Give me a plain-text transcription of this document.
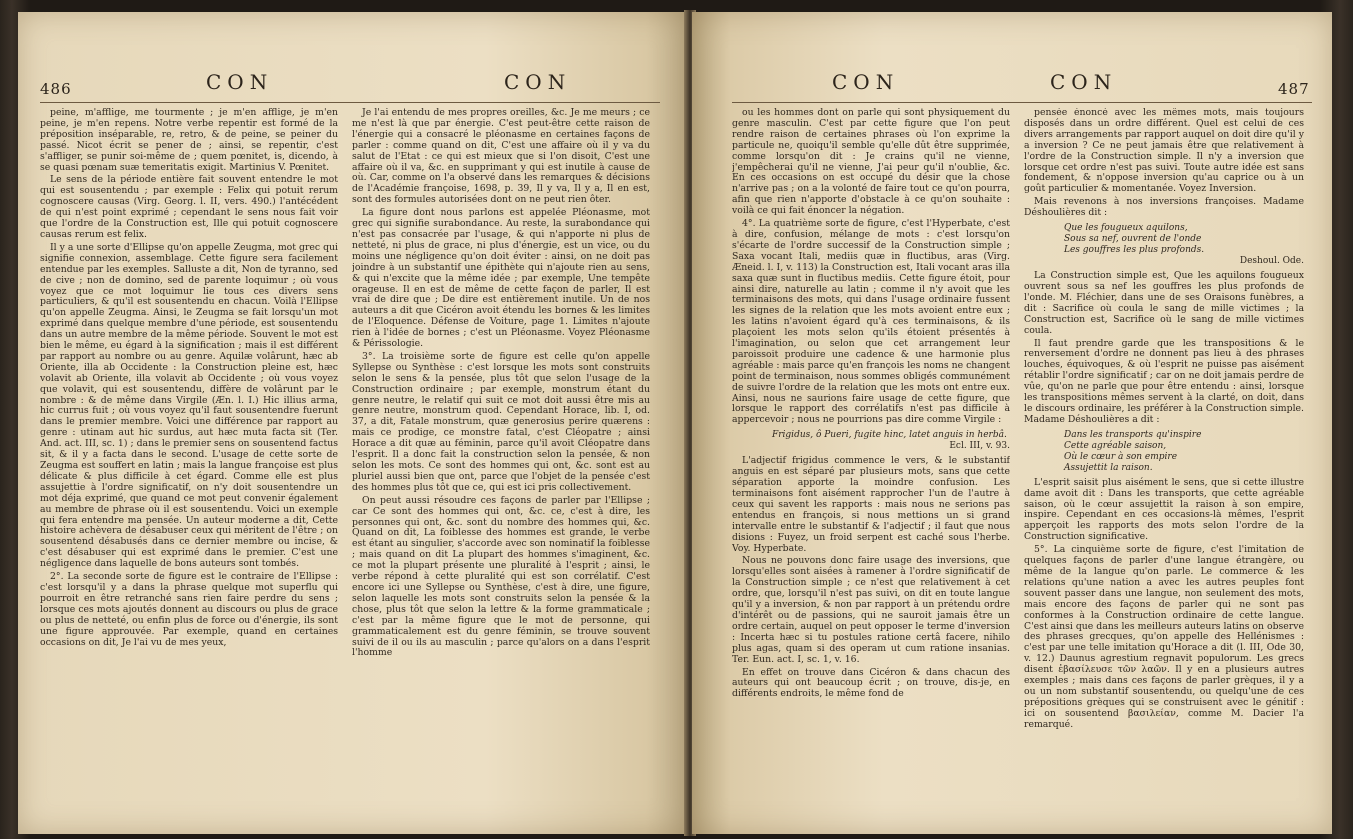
486	CON	CON

peine, m'afflige, me tourmente ; je m'en afflige, je m'en peine, je m'en repens. Notre verbe repentir est formé de la préposition inséparable, re, retro, & de peine, se peiner du passé. Nicot écrit se pener de ; ainsi, se repentir, c'est s'affliger, se punir soi-même de ; quem pœnitet, is, dicendo, à se quasi pœnam suæ temeritatis exigit. Martinius V. Pœnitet.

Le sens de la période entière fait souvent entendre le mot qui est sousentendu ; par exemple : Felix qui potuit rerum cognoscere causas (Virg. Georg. l. II, vers. 490.) l'antécédent de qui n'est point exprimé ; cependant le sens nous fait voir que l'ordre de la Construction est, Ille qui potuit cognoscere causas rerum est felix.

Il y a une sorte d'Ellipse qu'on appelle Zeugma, mot grec qui signifie connexion, assemblage. Cette figure sera facilement entendue par les exemples. Salluste a dit, Non de tyranno, sed de cive ; non de domino, sed de parente loquimur ; où vous voyez que ce mot loquimur lie tous ces divers sens particuliers, & qu'il est sousentendu en chacun. Voilà l'Ellipse qu'on appelle Zeugma. Ainsi, le Zeugma se fait lorsqu'un mot exprimé dans quelque membre d'une période, est sousentendu dans un autre membre de la même période. Souvent le mot est bien le même, eu égard à la signification ; mais il est différent par rapport au nombre ou au genre. Aquilæ volârunt, hæc ab Oriente, illa ab Occidente : la Construction pleine est, hæc volavit ab Oriente, illa volavit ab Occidente ; où vous voyez que volavit, qui est sousentendu, diffère de volârunt par le nombre : & de même dans Virgile (Æn. l. I.) Hic illius arma, hic currus fuit ; où vous voyez qu'il faut sousentendre fuerunt dans le premier membre. Voici une différence par rapport au genre : utinam aut hic surdus, aut hæc muta facta sit (Ter. And. act. III, sc. 1) ; dans le premier sens on sousentend factus sit, & il y a facta dans le second. L'usage de cette sorte de Zeugma est souffert en latin ; mais la langue françoise est plus délicate & plus difficile à cet égard. Comme elle est plus assujettie à l'ordre significatif, on n'y doit sousentendre un mot déja exprimé, que quand ce mot peut convenir également au membre de phrase où il est sousentendu. Voici un exemple qui fera entendre ma pensée. Un auteur moderne a dit, Cette histoire achèvera de désabuser ceux qui méritent de l'être ; on sousentend désabusés dans ce dernier membre ou incise, & c'est désabuser qui est exprimé dans le premier. C'est une négligence dans laquelle de bons auteurs sont tombés.

2°. La seconde sorte de figure est le contraire de l'Ellipse : c'est lorsqu'il y a dans la phrase quelque mot superflu qui pourroit en être retranché sans rien faire perdre du sens ; lorsque ces mots ajoutés donnent au discours ou plus de grace ou plus de netteté, ou enfin plus de force ou d'énergie, ils sont une figure approuvée. Par exemple, quand en certaines occasions on dit, Je l'ai vu de mes yeux,

Je l'ai entendu de mes propres oreilles, &c. Je me meurs ; ce me n'est là que par énergie. C'est peut-être cette raison de l'énergie qui a consacré le pléonasme en certaines façons de parler : comme quand on dit, C'est une affaire où il y va du salut de l'Etat : ce qui est mieux que si l'on disoit, C'est une affaire où il va, &c. en supprimant y qui est inutile à cause de où. Car, comme on l'a observé dans les remarques & décisions de l'Académie françoise, 1698, p. 39, Il y va, Il y a, Il en est, sont des formules autorisées dont on ne peut rien ôter.

La figure dont nous parlons est appelée Pléonasme, mot grec qui signifie surabondance. Au reste, la surabondance qui n'est pas consacrée par l'usage, & qui n'apporte ni plus de netteté, ni plus de grace, ni plus d'énergie, est un vice, ou du moins une négligence qu'on doit éviter : ainsi, on ne doit pas joindre à un substantif une épithète qui n'ajoute rien au sens, & qui n'excite que la même idée ; par exemple, Une tempête orageuse. Il en est de même de cette façon de parler, Il est vrai de dire que ; De dire est entièrement inutile. Un de nos auteurs a dit que Cicéron avoit étendu les bornes & les limites de l'Eloquence. Défense de Voiture, page 1. Limites n'ajoute rien à l'idée de bornes ; c'est un Pléonasme. Voyez Pléonasme & Périssologie.

3°. La troisième sorte de figure est celle qu'on appelle Syllepse ou Synthèse : c'est lorsque les mots sont construits selon le sens & la pensée, plus tôt que selon l'usage de la Construction ordinaire ; par exemple, monstrum étant du genre neutre, le relatif qui suit ce mot doit aussi être mis au genre neutre, monstrum quod. Cependant Horace, lib. I, od. 37, a dit, Fatale monstrum, quæ generosius perire quærens : mais ce prodige, ce monstre fatal, c'est Cléopatre ; ainsi Horace a dit quæ au féminin, parce qu'il avoit Cléopatre dans l'esprit. Il a donc fait la construction selon la pensée, & non selon les mots. Ce sont des hommes qui ont, &c. sont est au pluriel aussi bien que ont, parce que l'objet de la pensée c'est des hommes plus tôt que ce, qui est ici pris collectivement.

On peut aussi résoudre ces façons de parler par l'Ellipse ; car Ce sont des hommes qui ont, &c. ce, c'est à dire, les personnes qui ont, &c. sont du nombre des hommes qui, &c. Quand on dit, La foiblesse des hommes est grande, le verbe est étant au singulier, s'accorde avec son nominatif la foiblesse ; mais quand on dit La plupart des hommes s'imaginent, &c. ce mot la plupart présente une pluralité à l'esprit ; ainsi, le verbe répond à cette pluralité qui est son corrélatif. C'est encore ici une Syllepse ou Synthèse, c'est à dire, une figure, selon laquelle les mots sont construits selon la pensée & la chose, plus tôt que selon la lettre & la forme grammaticale ; c'est par la même figure que le mot de personne, qui grammaticalement est du genre féminin, se trouve souvent suivi de il ou ils au masculin ; parce qu'alors on a dans l'esprit l'homme

CON	CON	487

ou les hommes dont on parle qui sont physiquement du genre masculin. C'est par cette figure que l'on peut rendre raison de certaines phrases où l'on exprime la particule ne, quoiqu'il semble qu'elle dût être supprimée, comme lorsqu'on dit : Je crains qu'il ne vienne, j'empêcherai qu'il ne vienne, J'ai peur qu'il n'oublie, &c. En ces occasions on est occupé du désir que la chose n'arrive pas ; on a la volonté de faire tout ce qu'on pourra, afin que rien n'apporte d'obstacle à ce qu'on souhaite : voilà ce qui fait énoncer la négation.

4°. La quatrième sorte de figure, c'est l'Hyperbate, c'est à dire, confusion, mélange de mots : c'est lorsqu'on s'écarte de l'ordre successif de la Construction simple ; Saxa vocant Itali, mediis quæ in fluctibus, aras (Virg. Æneid. l. I, v. 113) la Construction est, Itali vocant aras illa saxa quæ sunt in fluctibus mediis. Cette figure étoit, pour ainsi dire, naturelle au latin ; comme il n'y avoit que les terminaisons des mots, qui dans l'usage ordinaire fussent les signes de la relation que les mots avoient entre eux ; les latins n'avoient égard qu'à ces terminaisons, & ils plaçoient les mots selon qu'ils étoient présentés à l'imagination, ou selon que cet arrangement leur paroissoit produire une cadence & une harmonie plus agréable : mais parce qu'en françois les noms ne changent point de terminaison, nous sommes obligés communément de suivre l'ordre de la relation que les mots ont entre eux. Ainsi, nous ne saurions faire usage de cette figure, que lorsque le rapport des corrélatifs n'est pas difficile à appercevoir ; nous ne pourrions pas dire comme Virgile :

Frigidus, ô Pueri, fugite hinc, latet anguis in herbâ.
Ecl. III, v. 93.

L'adjectif frigidus commence le vers, & le substantif anguis en est séparé par plusieurs mots, sans que cette séparation apporte la moindre confusion. Les terminaisons font aisément rapprocher l'un de l'autre à ceux qui savent les rapports : mais nous ne serions pas entendus en françois, si nous mettions un si grand intervalle entre le substantif & l'adjectif ; il faut que nous disions : Fuyez, un froid serpent est caché sous l'herbe. Voy. Hyperbate.

Nous ne pouvons donc faire usage des inversions, que lorsqu'elles sont aisées à ramener à l'ordre significatif de la Construction simple ; ce n'est que relativement à cet ordre, que, lorsqu'il n'est pas suivi, on dit en toute langue qu'il y a inversion, & non par rapport à un prétendu ordre d'intérêt ou de passions, qui ne sauroit jamais être un ordre certain, auquel on peut opposer le terme d'inversion : Incerta hæc si tu postules ratione certâ facere, nihilo plus agas, quam si des operam ut cum ratione insanias. Ter. Eun. act. I, sc. 1, v. 16.

En effet on trouve dans Cicéron & dans chacun des auteurs qui ont beaucoup écrit ; on trouve, dis-je, en différents endroits, le même fond de

pensée énoncé avec les mêmes mots, mais toujours disposés dans un ordre différent. Quel est celui de ces divers arrangements par rapport auquel on doit dire qu'il y a inversion ? Ce ne peut jamais être que relativement à l'ordre de la Construction simple. Il n'y a inversion que lorsque cet ordre n'est pas suivi. Toute autre idée est sans fondement, & n'oppose inversion qu'au caprice ou à un goût particulier & momentanée. Voyez Inversion.

Mais revenons à nos inversions françoises. Madame Déshoulières dit :

Que les fougueux aquilons,
Sous sa nef, ouvrent de l'onde
Les gouffres les plus profonds.
Deshoul. Ode.

La Construction simple est, Que les aquilons fougueux ouvrent sous sa nef les gouffres les plus profonds de l'onde. M. Fléchier, dans une de ses Oraisons funèbres, a dit : Sacrifice où coula le sang de mille victimes ; la Construction est, Sacrifice où le sang de mille victimes coula.

Il faut prendre garde que les transpositions & le renversement d'ordre ne donnent pas lieu à des phrases louches, équivoques, & où l'esprit ne puisse pas aisément rétablir l'ordre significatif ; car on ne doit jamais perdre de vûe, qu'on ne parle que pour être entendu : ainsi, lorsque les transpositions mêmes servent à la clarté, on doit, dans le discours ordinaire, les préférer à la Construction simple. Madame Déshoulières a dit :

Dans les transports qu'inspire
Cette agréable saison,
Où le cœur à son empire
Assujettit la raison.

L'esprit saisit plus aisément le sens, que si cette illustre dame avoit dit : Dans les transports, que cette agréable saison, où le cœur assujettit la raison à son empire, inspire. Cependant en ces occasions-là mêmes, l'esprit apperçoit les rapports des mots selon l'ordre de la Construction significative.

5°. La cinquième sorte de figure, c'est l'imitation de quelques façons de parler d'une langue étrangère, ou même de la langue qu'on parle. Le commerce & les relations qu'une nation a avec les autres peuples font souvent passer dans une langue, non seulement des mots, mais encore des façons de parler qui ne sont pas conformes à la Construction ordinaire de cette langue. C'est ainsi que dans les meilleurs auteurs latins on observe des phrases grecques, qu'on appelle des Hellénismes : c'est par une telle imitation qu'Horace a dit (l. III, Ode 30, v. 12.) Daunus agrestium regnavit populorum. Les grecs disent ἐβασίλευσε τῶν λαῶν. Il y en a plusieurs autres exemples ; mais dans ces façons de parler grèques, il y a ou un nom substantif sousentendu, ou quelqu'une de ces prépositions grèques qui se construisent avec le génitif : ici on sousentend βασιλείαν, comme M. Dacier l'a remarqué.
